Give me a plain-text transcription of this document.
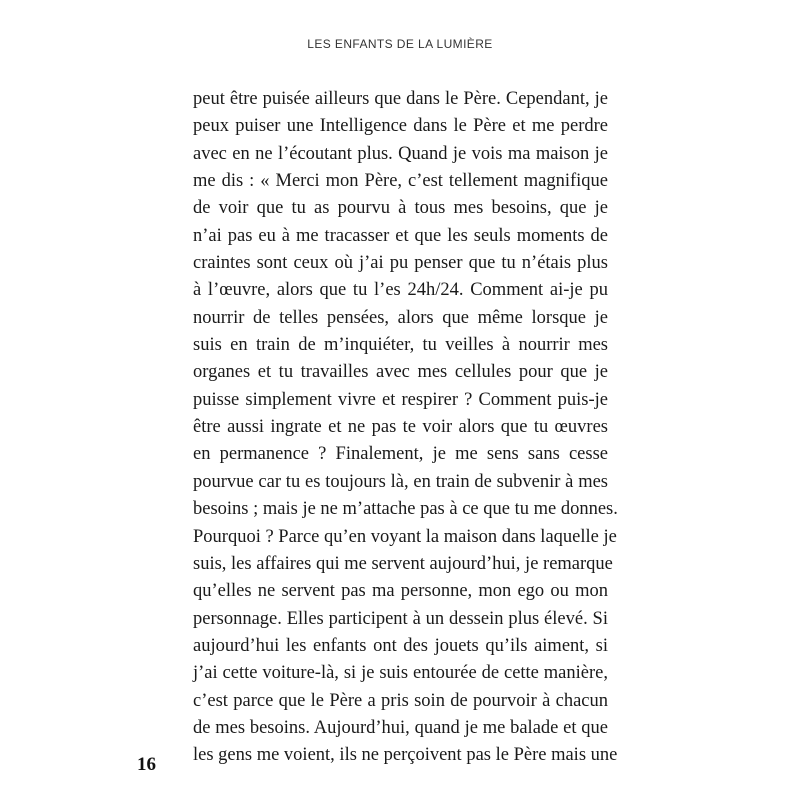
LES ENFANTS DE LA LUMIÈRE
peut être puisée ailleurs que dans le Père. Cependant, je
peux puiser une Intelligence dans le Père et me perdre
avec en ne l’écoutant plus. Quand je vois ma maison je
me dis : « Merci mon Père, c’est tellement magnifique
de voir que tu as pourvu à tous mes besoins, que je
n’ai pas eu à me tracasser et que les seuls moments de
craintes sont ceux où j’ai pu penser que tu n’étais plus
à l’œuvre, alors que tu l’es 24h/24. Comment ai-je pu
nourrir de telles pensées, alors que même lorsque je
suis en train de m’inquiéter, tu veilles à nourrir mes
organes et tu travailles avec mes cellules pour que je
puisse simplement vivre et respirer ? Comment puis-je
être aussi ingrate et ne pas te voir alors que tu œuvres
en permanence ? Finalement, je me sens sans cesse
pourvue car tu es toujours là, en train de subvenir à mes
besoins ; mais je ne m’attache pas à ce que tu me donnes.
Pourquoi ? Parce qu’en voyant la maison dans laquelle je
suis, les affaires qui me servent aujourd’hui, je remarque
qu’elles ne servent pas ma personne, mon ego ou mon
personnage. Elles participent à un dessein plus élevé. Si
aujourd’hui les enfants ont des jouets qu’ils aiment, si
j’ai cette voiture-là, si je suis entourée de cette manière,
c’est parce que le Père a pris soin de pourvoir à chacun
de mes besoins. Aujourd’hui, quand je me balade et que
les gens me voient, ils ne perçoivent pas le Père mais une
16
